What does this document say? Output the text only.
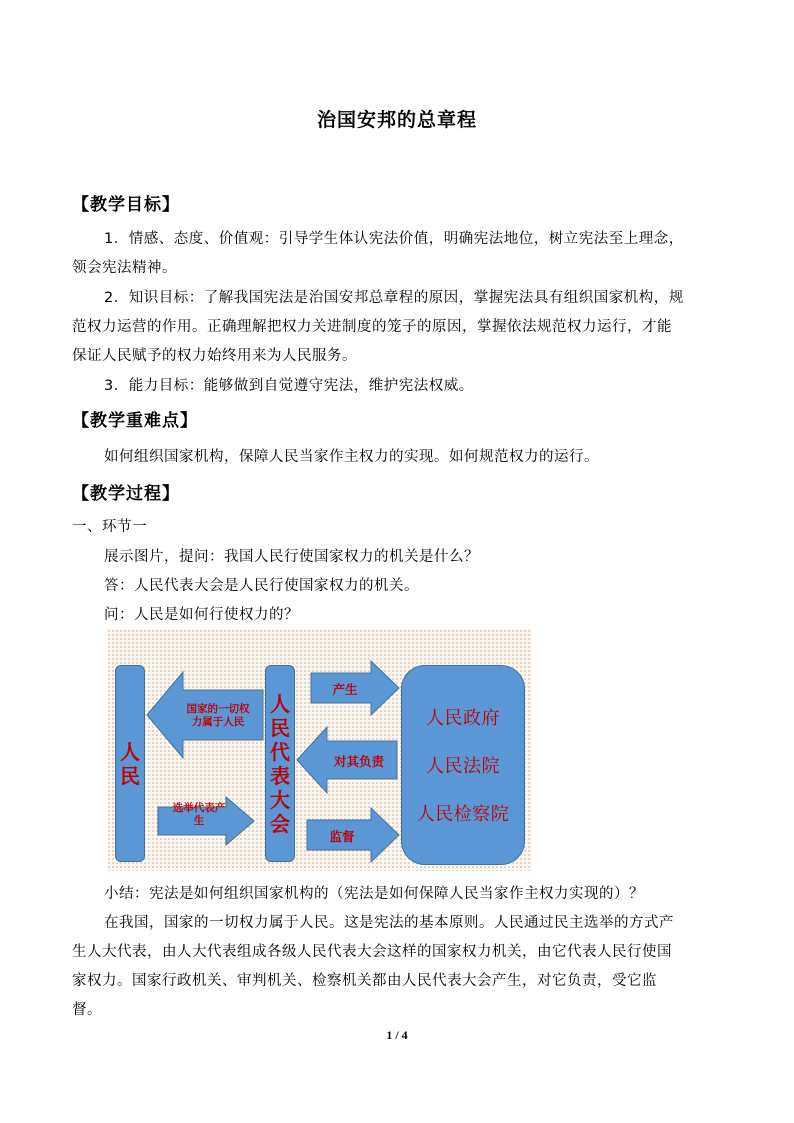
治国安邦的总章程
【教学目标】
1．情感、态度、价值观：引导学生体认宪法价值，明确宪法地位，树立宪法至上理念，
领会宪法精神。
2．知识目标：了解我国宪法是治国安邦总章程的原因，掌握宪法具有组织国家机构，规
范权力运营的作用。正确理解把权力关进制度的笼子的原因，掌握依法规范权力运行，才能
保证人民赋予的权力始终用来为人民服务。
3．能力目标：能够做到自觉遵守宪法，维护宪法权威。
【教学重难点】
如何组织国家机构，保障人民当家作主权力的实现。如何规范权力的运行。
【教学过程】
一、环节一
展示图片，提问：我国人民行使国家权力的机关是什么？
答：人民代表大会是人民行使国家权力的机关。
问：人民是如何行使权力的？
人
民
人
民
代
表
大
会
人民政府
人民法院
人民检察院
国家的一切权
力属于人民
选举代表产
生
产生
对其负责
监督
小结：宪法是如何组织国家机构的（宪法是如何保障人民当家作主权力实现的）？
在我国，国家的一切权力属于人民。这是宪法的基本原则。人民通过民主选举的方式产
生人大代表，由人大代表组成各级人民代表大会这样的国家权力机关，由它代表人民行使国
家权力。国家行政机关、审判机关、检察机关都由人民代表大会产生，对它负责，受它监
督。
1 / 4
